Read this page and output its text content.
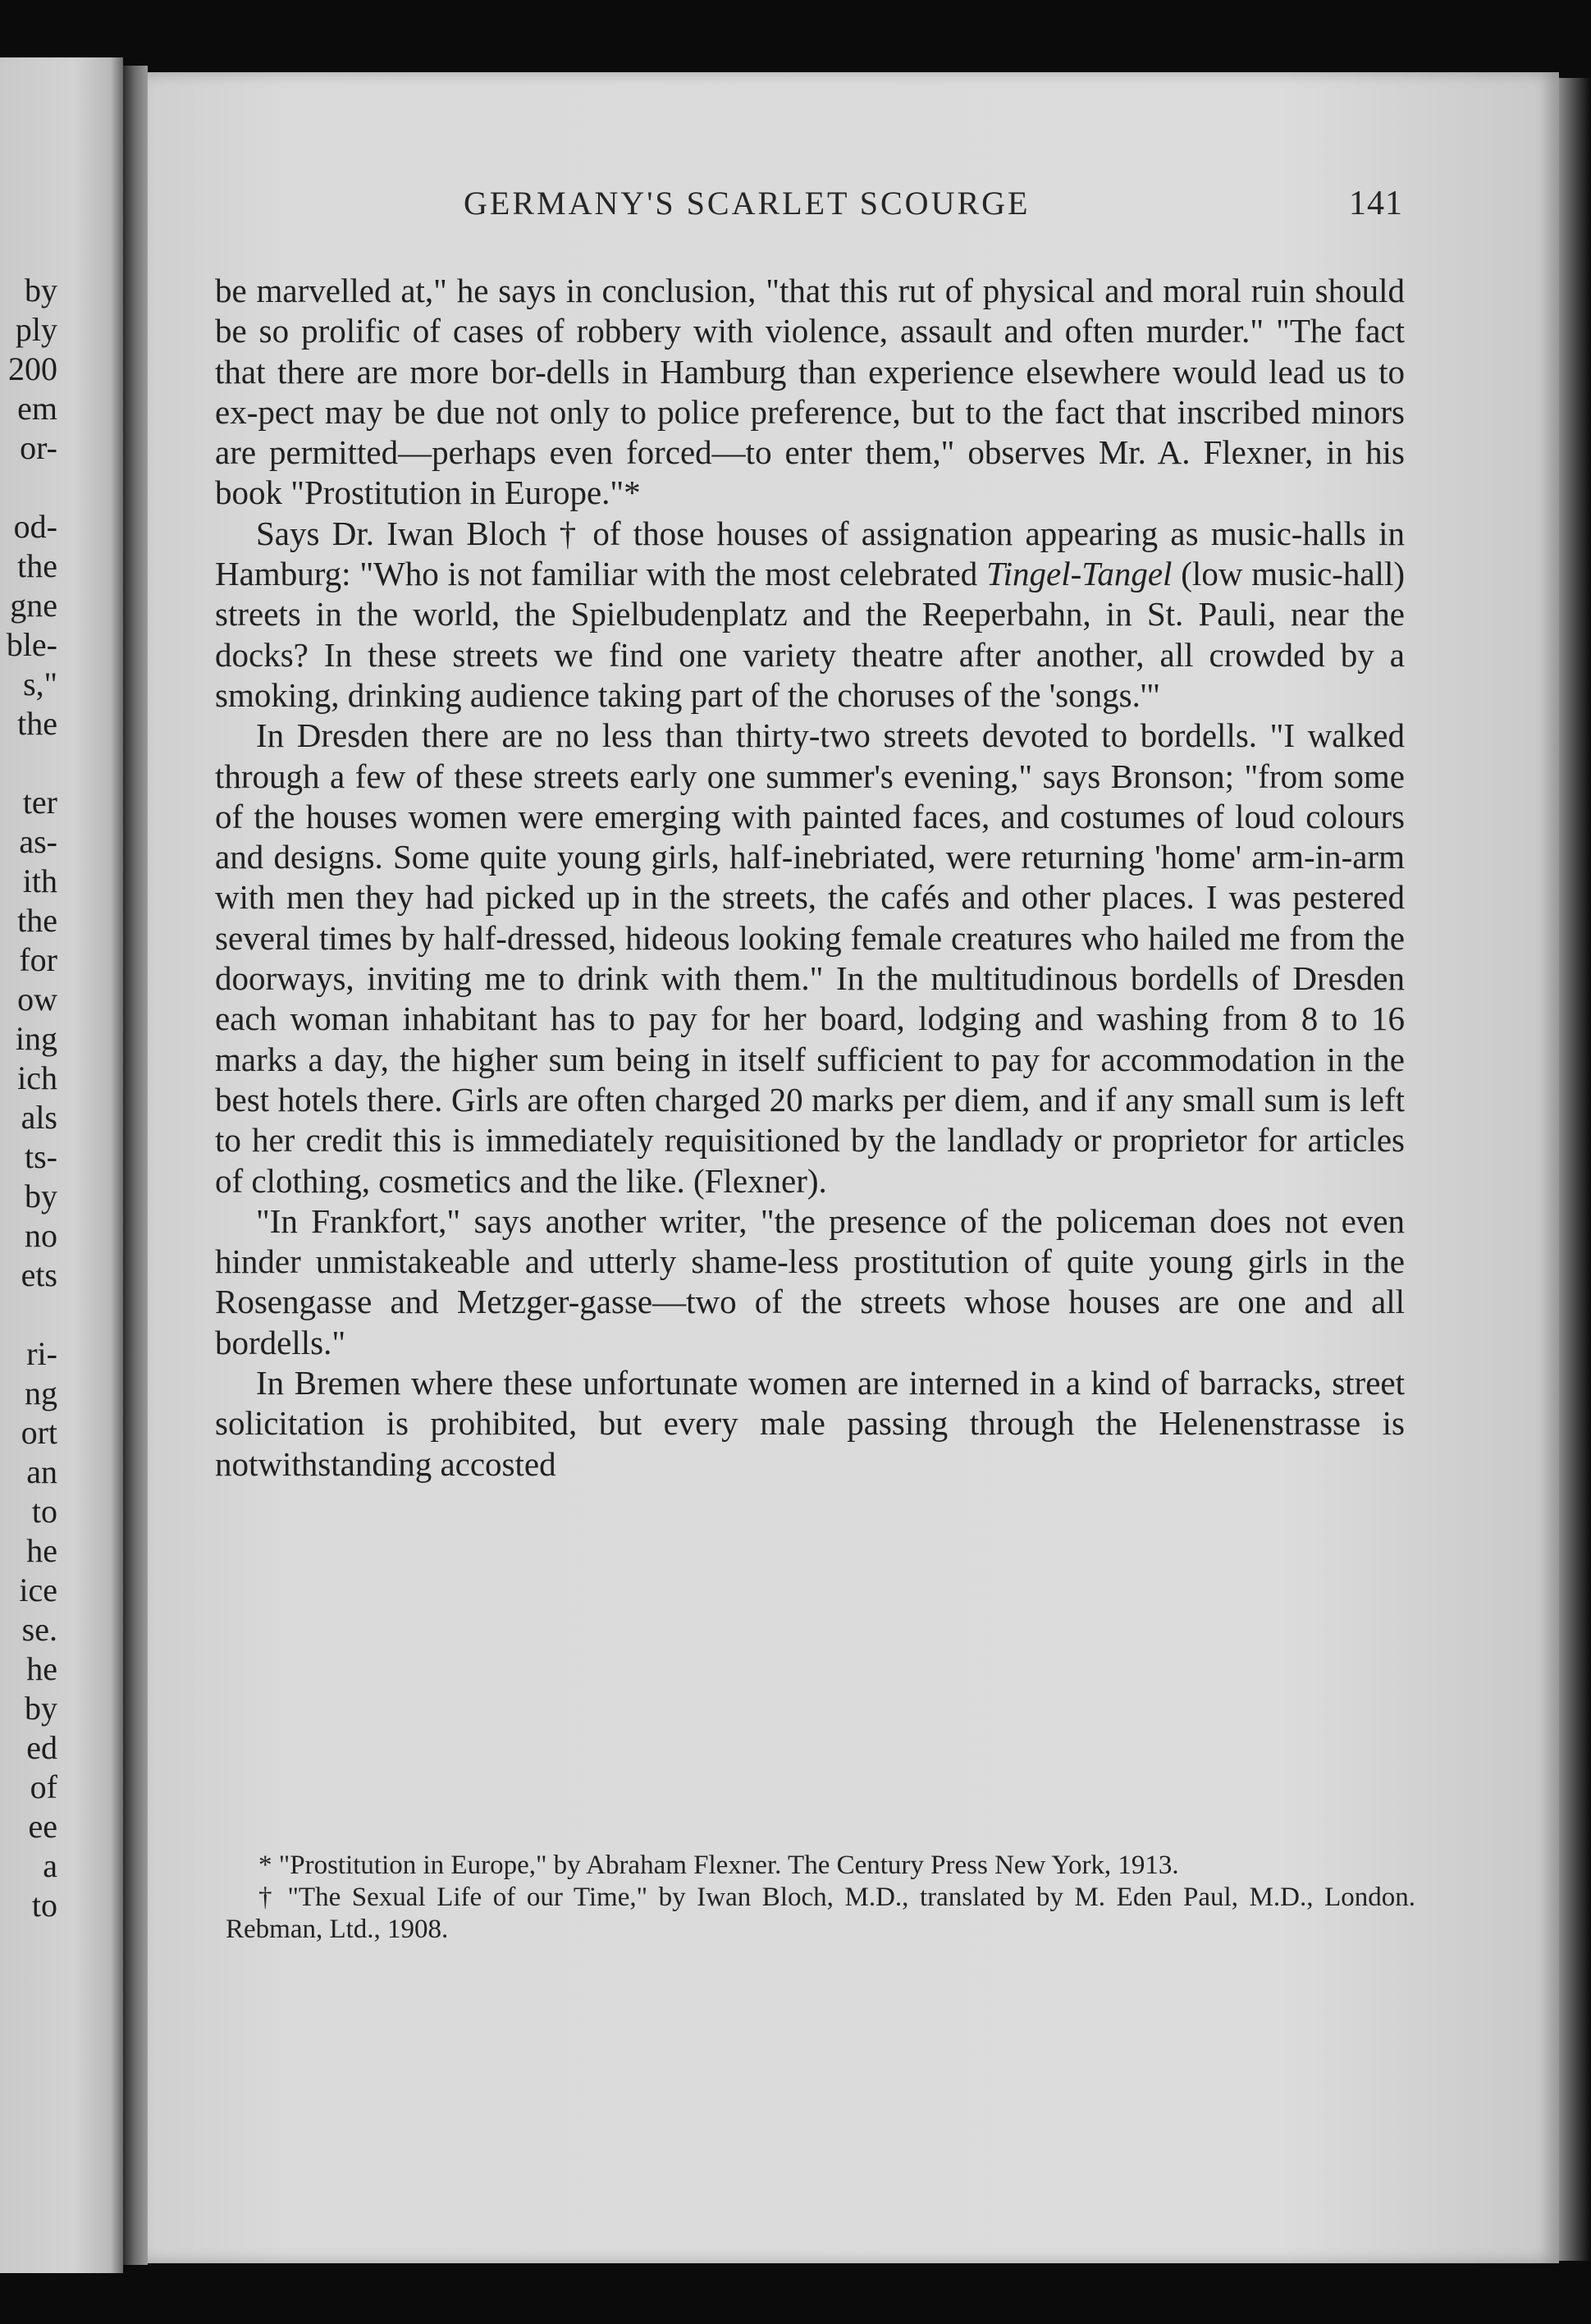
by
ply
200
em
or-
od-
the
gne
ble-
s,"
the
ter
as-
ith
the
for
ow
ing
ich
als
ts-
by
no
ets
ri-
ng
ort
an
to
he
ice
se.
he
by
ed
of
ee
a
to
GERMANY'S SCARLET SCOURGE	141

be marvelled at," he says in conclusion, "that this rut of physical and moral ruin should be so prolific of cases of robbery with violence, assault and often murder." "The fact that there are more bor-dells in Hamburg than experience elsewhere would lead us to ex-pect may be due not only to police preference, but to the fact that inscribed minors are permitted—perhaps even forced—to enter them," observes Mr. A. Flexner, in his book "Prostitution in Europe."*

Says Dr. Iwan Bloch † of those houses of assignation appearing as music-halls in Hamburg: "Who is not familiar with the most celebrated Tingel-Tangel (low music-hall) streets in the world, the Spielbudenplatz and the Reeperbahn, in St. Pauli, near the docks? In these streets we find one variety theatre after another, all crowded by a smoking, drinking audience taking part of the choruses of the 'songs.'"

In Dresden there are no less than thirty-two streets devoted to bordells. "I walked through a few of these streets early one summer's evening," says Bronson; "from some of the houses women were emerging with painted faces, and costumes of loud colours and designs. Some quite young girls, half-inebriated, were returning 'home' arm-in-arm with men they had picked up in the streets, the cafés and other places. I was pestered several times by half-dressed, hideous looking female creatures who hailed me from the doorways, inviting me to drink with them." In the multitudinous bordells of Dresden each woman inhabitant has to pay for her board, lodging and washing from 8 to 16 marks a day, the higher sum being in itself sufficient to pay for accommodation in the best hotels there. Girls are often charged 20 marks per diem, and if any small sum is left to her credit this is immediately requisitioned by the landlady or proprietor for articles of clothing, cosmetics and the like. (Flexner).

"In Frankfort," says another writer, "the presence of the policeman does not even hinder unmistakeable and utterly shame-less prostitution of quite young girls in the Rosengasse and Metzger-gasse—two of the streets whose houses are one and all bordells."

In Bremen where these unfortunate women are interned in a kind of barracks, street solicitation is prohibited, but every male passing through the Helenenstrasse is notwithstanding accosted

* "Prostitution in Europe," by Abraham Flexner. The Century Press New York, 1913.

† "The Sexual Life of our Time," by Iwan Bloch, M.D., translated by M. Eden Paul, M.D., London. Rebman, Ltd., 1908.
